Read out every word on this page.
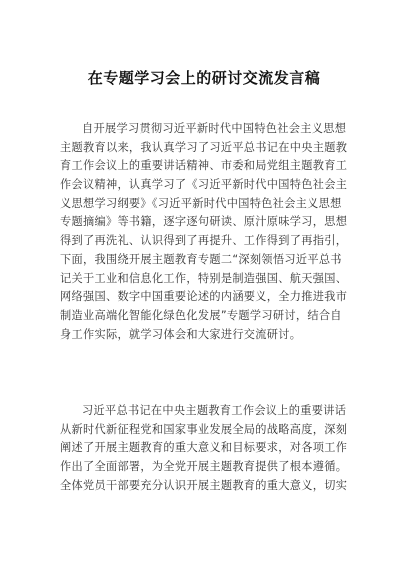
在专题学习会上的研讨交流发言稿
自开展学习贯彻习近平新时代中国特色社会主义思想
主题教育以来，我认真学习了习近平总书记在中央主题教
育工作会议上的重要讲话精神、市委和局党组主题教育工
作会议精神，认真学习了《习近平新时代中国特色社会主
义思想学习纲要》《习近平新时代中国特色社会主义思想
专题摘编》等书籍，逐字逐句研读、原汁原味学习，思想
得到了再洗礼、认识得到了再提升、工作得到了再指引，
下面，我围绕开展主题教育专题二“深刻领悟习近平总书
记关于工业和信息化工作，特别是制造强国、航天强国、
网络强国、数字中国重要论述的内涵要义，全力推进我市
制造业高端化智能化绿色化发展”专题学习研讨，结合自
身工作实际，就学习体会和大家进行交流研讨。
习近平总书记在中央主题教育工作会议上的重要讲话
从新时代新征程党和国家事业发展全局的战略高度，深刻
阐述了开展主题教育的重大意义和目标要求，对各项工作
作出了全面部署，为全党开展主题教育提供了根本遵循。
全体党员干部要充分认识开展主题教育的重大意义，切实
